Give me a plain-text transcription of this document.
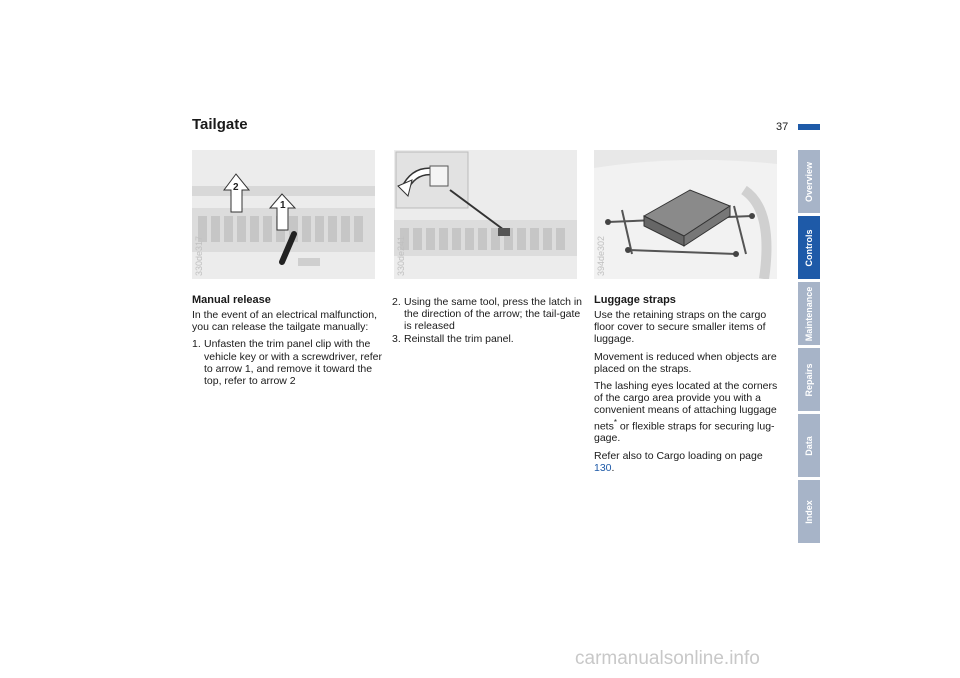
Tailgate	37
2
1
330de317	330de241	394de302
Manual release

In the event of an electrical malfunction, you can release the tailgate manually:

1. Unfasten the trim panel clip with the vehicle key or with a screwdriver, refer to arrow 1, and remove it toward the top, refer to arrow 2
2. Using the same tool, press the latch in the direction of the arrow; the tail-gate is released
3. Reinstall the trim panel.
Luggage straps

Use the retaining straps on the cargo floor cover to secure smaller items of luggage.

Movement is reduced when objects are placed on the straps.

The lashing eyes located at the corners of the cargo area provide you with a convenient means of attaching luggage nets* or flexible straps for securing lug-gage.

Refer also to Cargo loading on page 130.

Overview
Controls
Maintenance
Repairs
Data
Index
carmanualsonline.info
